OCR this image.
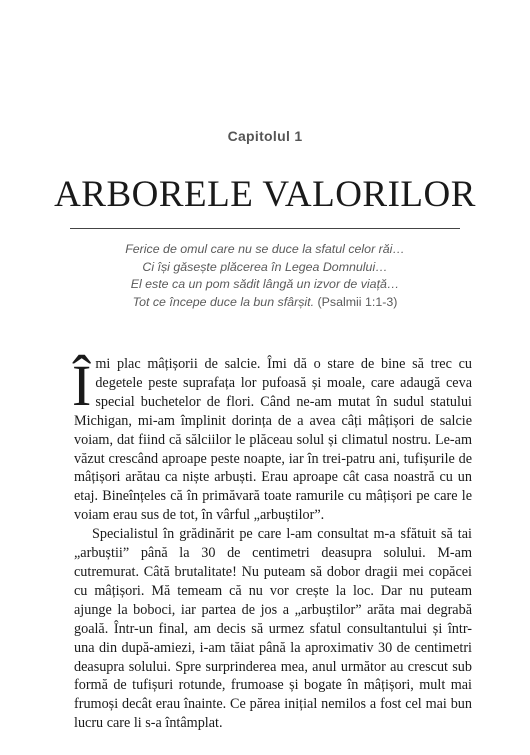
Capitolul 1
ARBORELE VALORILOR
Ferice de omul care nu se duce la sfatul celor răi…
Ci își găsește plăcerea în Legea Domnului…
El este ca un pom sădit lângă un izvor de viață…
Tot ce începe duce la bun sfârșit. (Psalmii 1:1-3)

Îmi plac mâțișorii de salcie. Îmi dă o stare de bine să trec cu degetele peste suprafața lor pufoasă și moale, care adaugă ceva special buchetelor de flori. Când ne-am mutat în sudul statului Michigan, mi-am împlinit dorința de a avea câți mâțișori de salcie voiam, dat fiind că sălciilor le plăceau solul și climatul nostru. Le-am văzut crescând aproape peste noapte, iar în trei-patru ani, tufișurile de mâțișori arătau ca niște arbuști. Erau aproape cât casa noastră cu un etaj. Bineînțeles că în primăvară toate ramurile cu mâțișori pe care le voiam erau sus de tot, în vârful „arbuștilor”.

Specialistul în grădinărit pe care l-am consultat m-a sfătuit să tai „arbuștii” până la 30 de centimetri deasupra solului. M-am cutremurat. Câtă brutalitate! Nu puteam să dobor dragii mei copăcei cu mâțișori. Mă temeam că nu vor crește la loc. Dar nu puteam ajunge la boboci, iar partea de jos a „arbuștilor” arăta mai degrabă goală. Într-un final, am decis să urmez sfatul consultantului și într-una din după-amiezi, i-am tăiat până la aproximativ 30 de centimetri deasupra solului. Spre surprinderea mea, anul următor au crescut sub formă de tufișuri rotunde, frumoase și bogate în mâțișori, mult mai frumoși decât erau înainte. Ce părea inițial nemilos a fost cel mai bun lucru care li s-a întâmplat.
